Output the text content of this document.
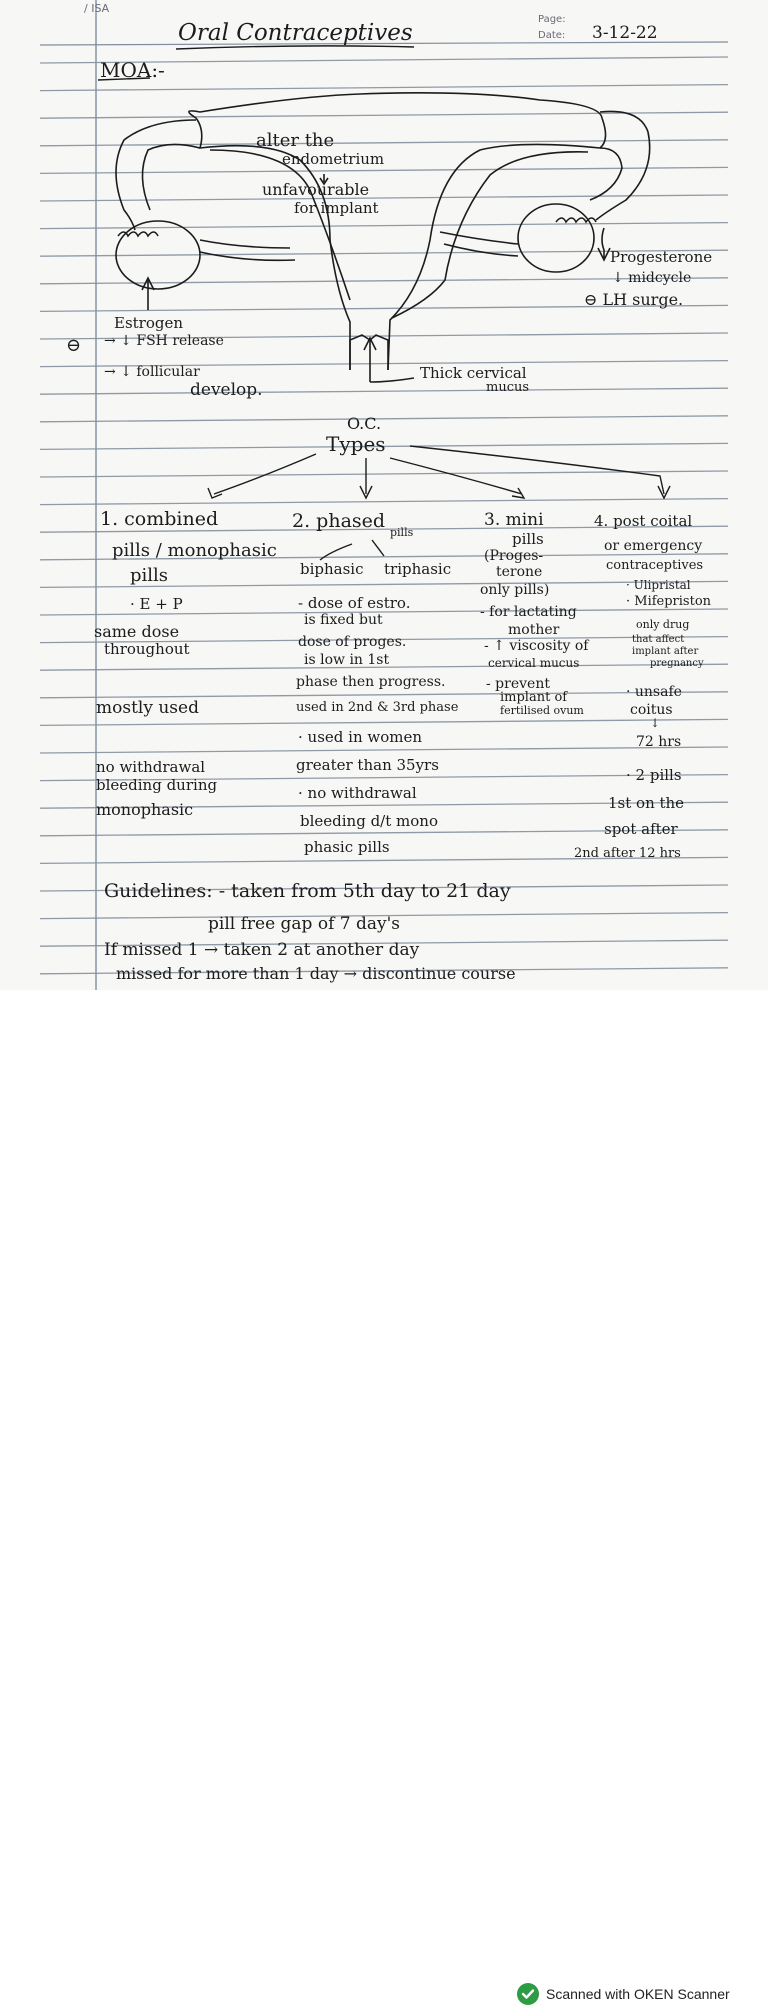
/ ISA
Page:
Date: 3-12-22
Oral Contraceptives
MOA:-
alter the
endometrium
unfavourable
for implant
Progesterone
↓ midcycle
⊖ LH surge.
Estrogen
→ ↓ FSH release
→ ↓ follicular
develop.
⊖
Thick cervical
mucus
O.C.
Types
1. combined
pills / monophasic
pills
· E + P
same dose
throughout
mostly used
no withdrawal
bleeding during
monophasic
2. phased
pills
biphasic triphasic
- dose of estro.
is fixed but
dose of proges.
is low in 1st
phase then progress.
used in 2nd & 3rd phase
· used in women
greater than 35yrs
· no withdrawal
bleeding d/t mono
phasic pills
3. mini
pills
(Proges-
terone
only pills)
- for lactating
mother
- ↑ viscosity of
cervical mucus
- prevent
implant of
fertilised ovum
4. post coital
or emergency
contraceptives
· Ulipristal
· Mifepriston
only drug
that affect
implant after
pregnancy
· unsafe
coitus
↓
72 hrs
· 2 pills
1st on the
spot after
2nd after 12 hrs
Guidelines: - taken from 5th day to 21 day
pill free gap of 7 day's
If missed 1 → taken 2 at another day
missed for more than 1 day → discontinue course
Scanned with OKEN Scanner
